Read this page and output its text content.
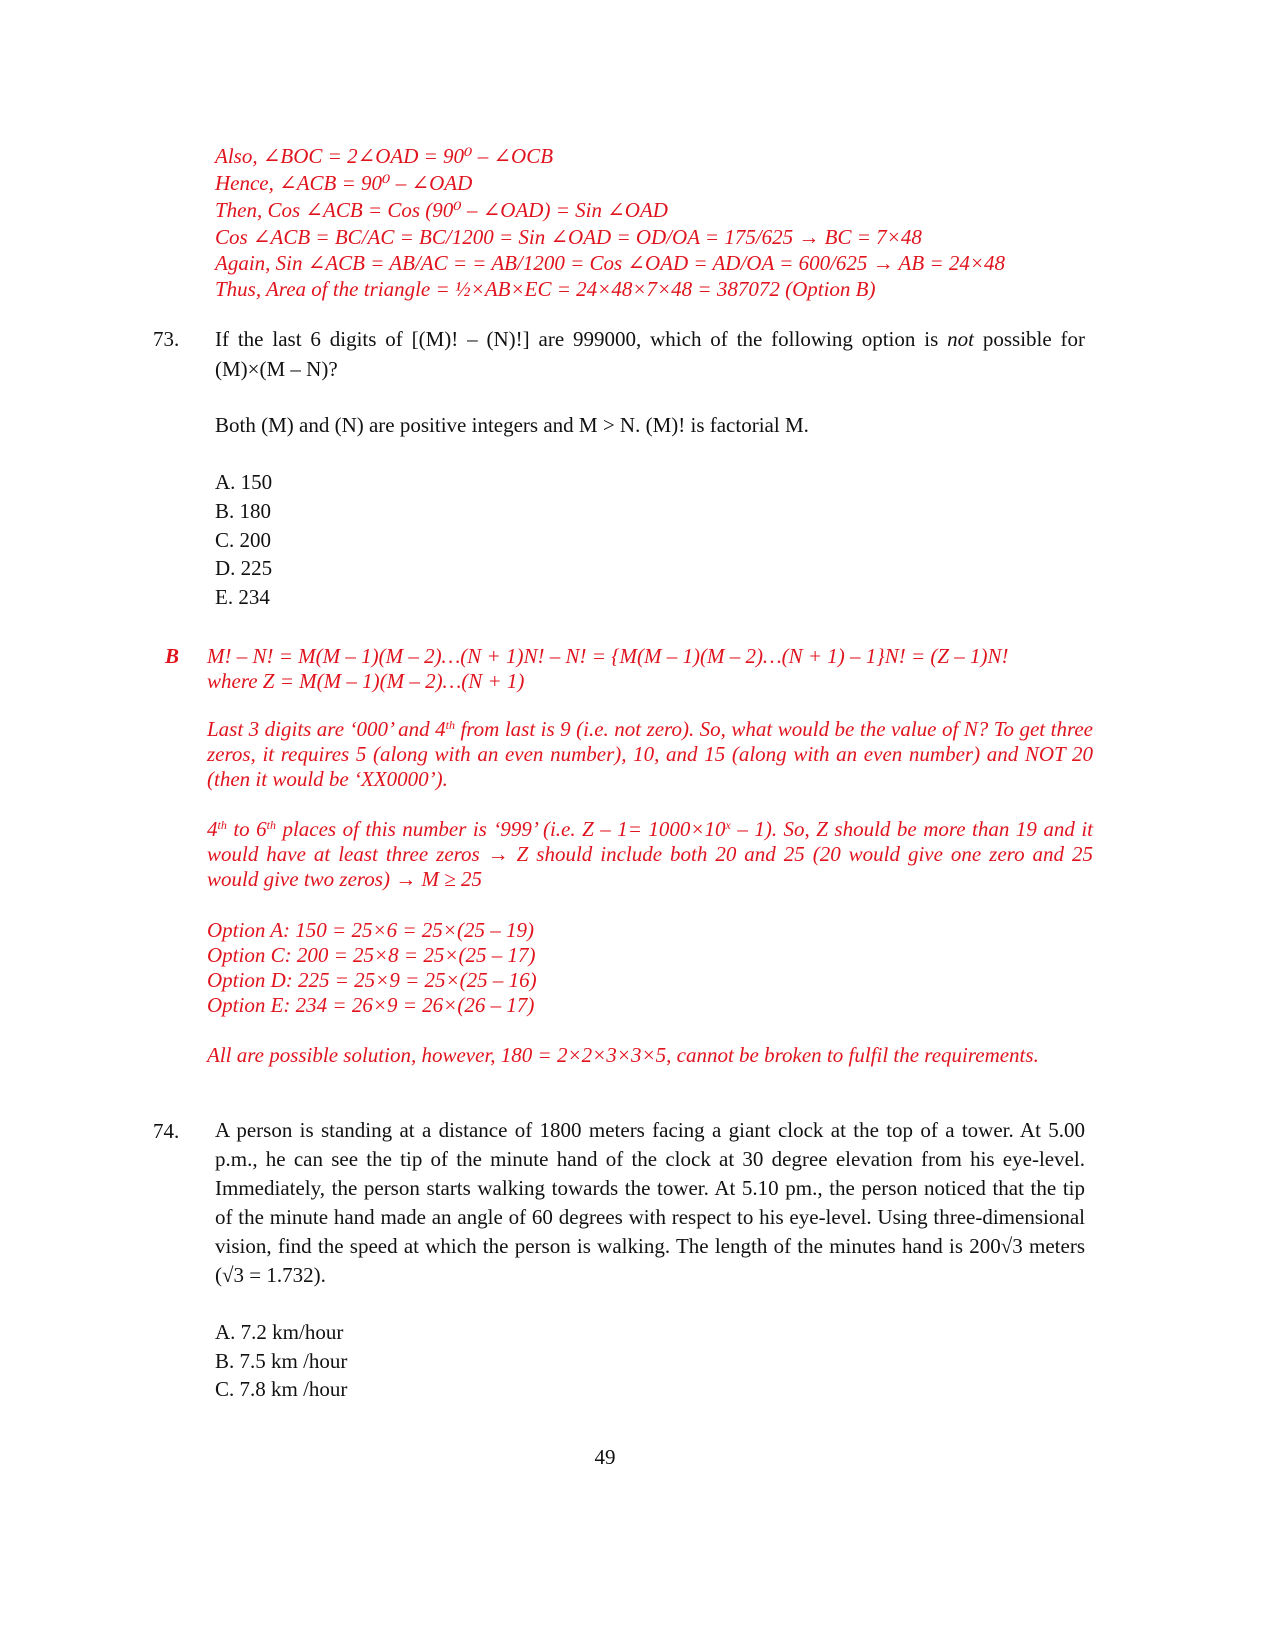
Also, ∠BOC = 2∠OAD = 90⁰ – ∠OCB
Hence, ∠ACB = 90⁰ – ∠OAD
Then, Cos ∠ACB = Cos (90⁰ – ∠OAD) = Sin ∠OAD
Cos ∠ACB = BC/AC = BC/1200 = Sin ∠OAD = OD/OA = 175/625 → BC = 7×48
Again, Sin ∠ACB = AB/AC = = AB/1200 = Cos ∠OAD = AD/OA = 600/625 → AB = 24×48
Thus, Area of the triangle = ½×AB×EC = 24×48×7×48 = 387072 (Option B)
73. If the last 6 digits of [(M)! – (N)!] are 999000, which of the following option is not possible for (M)×(M – N)?
Both (M) and (N) are positive integers and M > N. (M)! is factorial M.
A. 150
B. 180
C. 200
D. 225
E. 234
B M! – N! = M(M – 1)(M – 2)…(N + 1)N! – N! = {M(M – 1)(M – 2)…(N + 1) – 1}N! = (Z – 1)N!
where Z = M(M – 1)(M – 2)…(N + 1)
Last 3 digits are ‘000’ and 4th from last is 9 (i.e. not zero). So, what would be the value of N? To get three zeros, it requires 5 (along with an even number), 10, and 15 (along with an even number) and NOT 20 (then it would be ‘XX0000’).
4th to 6th places of this number is ‘999’ (i.e. $Z - 1= 1000\times 10^x - 1$). So, Z should be more than 19 and it would have at least three zeros → Z should include both 20 and 25 (20 would give one zero and 25 would give two zeros) → M ≥ 25
Option A: 150 = 25×6 = 25×(25 – 19)
Option C: 200 = 25×8 = 25×(25 – 17)
Option D: 225 = 25×9 = 25×(25 – 16)
Option E: 234 = 26×9 = 26×(26 – 17)
All are possible solution, however, 180 = 2×2×3×3×5, cannot be broken to fulfil the requirements.
74. A person is standing at a distance of 1800 meters facing a giant clock at the top of a tower. At 5.00 p.m., he can see the tip of the minute hand of the clock at 30 degree elevation from his eye-level. Immediately, the person starts walking towards the tower. At 5.10 pm., the person noticed that the tip of the minute hand made an angle of 60 degrees with respect to his eye-level. Using three-dimensional vision, find the speed at which the person is walking. The length of the minutes hand is 200√3 meters (√3 = 1.732).
A. 7.2 km/hour
B. 7.5 km /hour
C. 7.8 km /hour
49
